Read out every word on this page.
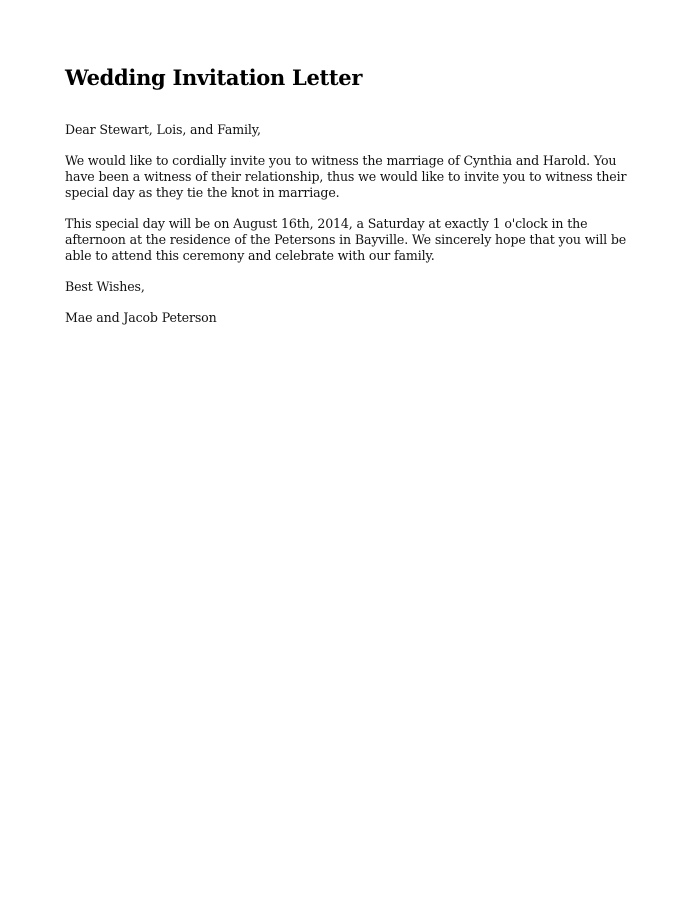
Wedding Invitation Letter

Dear Stewart, Lois, and Family,

We would like to cordially invite you to witness the marriage of Cynthia and Harold. You have been a witness of their relationship, thus we would like to invite you to witness their special day as they tie the knot in marriage.

This special day will be on August 16th, 2014, a Saturday at exactly 1 o'clock in the afternoon at the residence of the Petersons in Bayville. We sincerely hope that you will be able to attend this ceremony and celebrate with our family.

Best Wishes,

Mae and Jacob Peterson
